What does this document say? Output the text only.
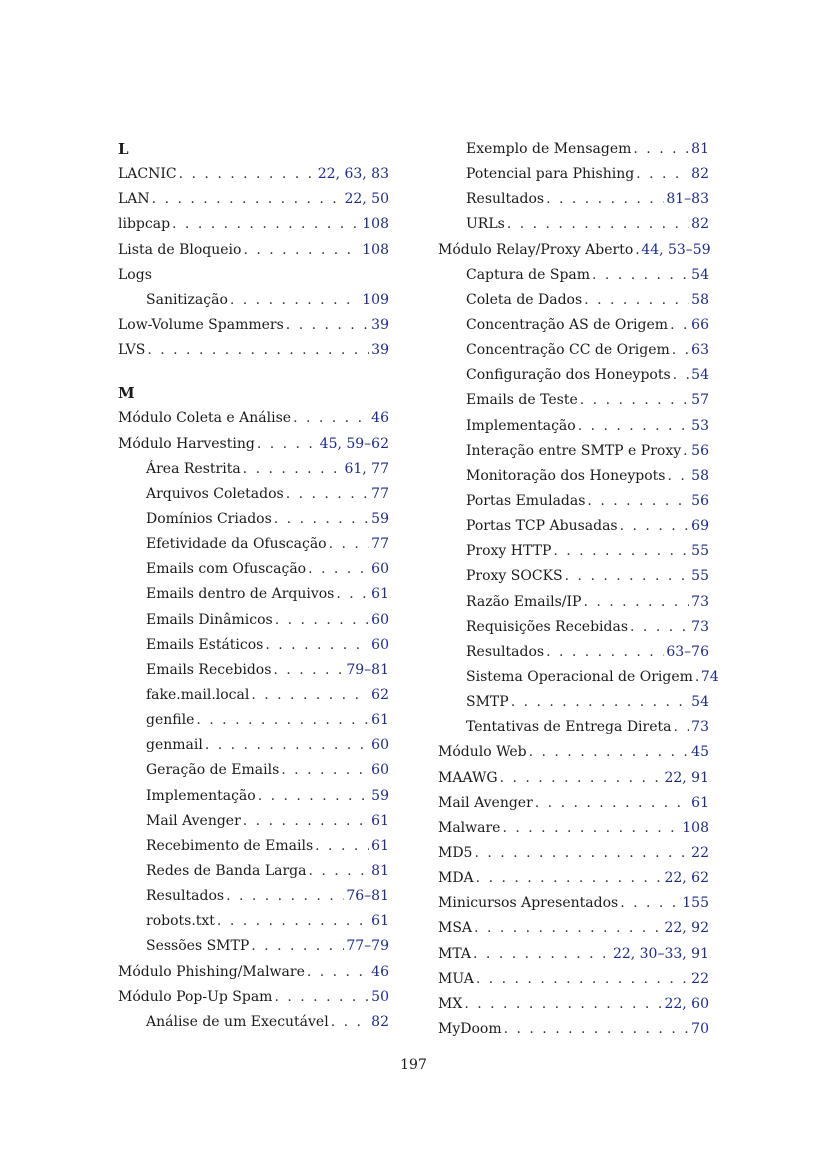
L
LACNIC . . .	22, 63, 83
LAN . . .	22, 50
libpcap . . .	108
Lista de Bloqueio . . .	108
Logs
Sanitização . . .	109
Low-Volume Spammers . . .	39
LVS . . .	39
M
Módulo Coleta e Análise . . .	46
Módulo Harvesting . . .	45, 59–62
Área Restrita . . .	61, 77
Arquivos Coletados . . .	77
Domínios Criados . . .	59
Efetividade da Ofuscação . . .	77
Emails com Ofuscação . . .	60
Emails dentro de Arquivos . . .	61
Emails Dinâmicos . . .	60
Emails Estáticos . . .	60
Emails Recebidos . . .	79–81
fake.mail.local . . .	62
genfile . . .	61
genmail . . .	60
Geração de Emails . . .	60
Implementação . . .	59
Mail Avenger . . .	61
Recebimento de Emails . . .	61
Redes de Banda Larga . . .	81
Resultados . . .	76–81
robots.txt . . .	61
Sessões SMTP . . .	77–79
Módulo Phishing/Malware . . .	46
Módulo Pop-Up Spam . . .	50
Análise de um Executável . . .	82
Exemplo de Mensagem . . .	81
Potencial para Phishing . . .	82
Resultados . . .	81–83
URLs . . .	82
Módulo Relay/Proxy Aberto . . . 44, 53–59
Captura de Spam . . .	54
Coleta de Dados . . .	58
Concentração AS de Origem . . . 66
Concentração CC de Origem . . . 63
Configuração dos Honeypots . . . 54
Emails de Teste . . .	57
Implementação . . .	53
Interação entre SMTP e Proxy . . . 56
Monitoração dos Honeypots . . . 58
Portas Emuladas . . .	56
Portas TCP Abusadas . . .	69
Proxy HTTP . . .	55
Proxy SOCKS . . .	55
Razão Emails/IP . . .	73
Requisições Recebidas . . .	73
Resultados . . .	63–76
Sistema Operacional de Origem . . . 74
SMTP . . .	54
Tentativas de Entrega Direta . . . 73
Módulo Web . . .	45
MAAWG . . .	22, 91
Mail Avenger . . .	61
Malware . . .	108
MD5 . . .	22
MDA . . .	22, 62
Minicursos Apresentados . . .	155
MSA . . .	22, 92
MTA . . .	22, 30–33, 91
MUA . . .	22
MX . . .	22, 60
MyDoom . . .	70
197
